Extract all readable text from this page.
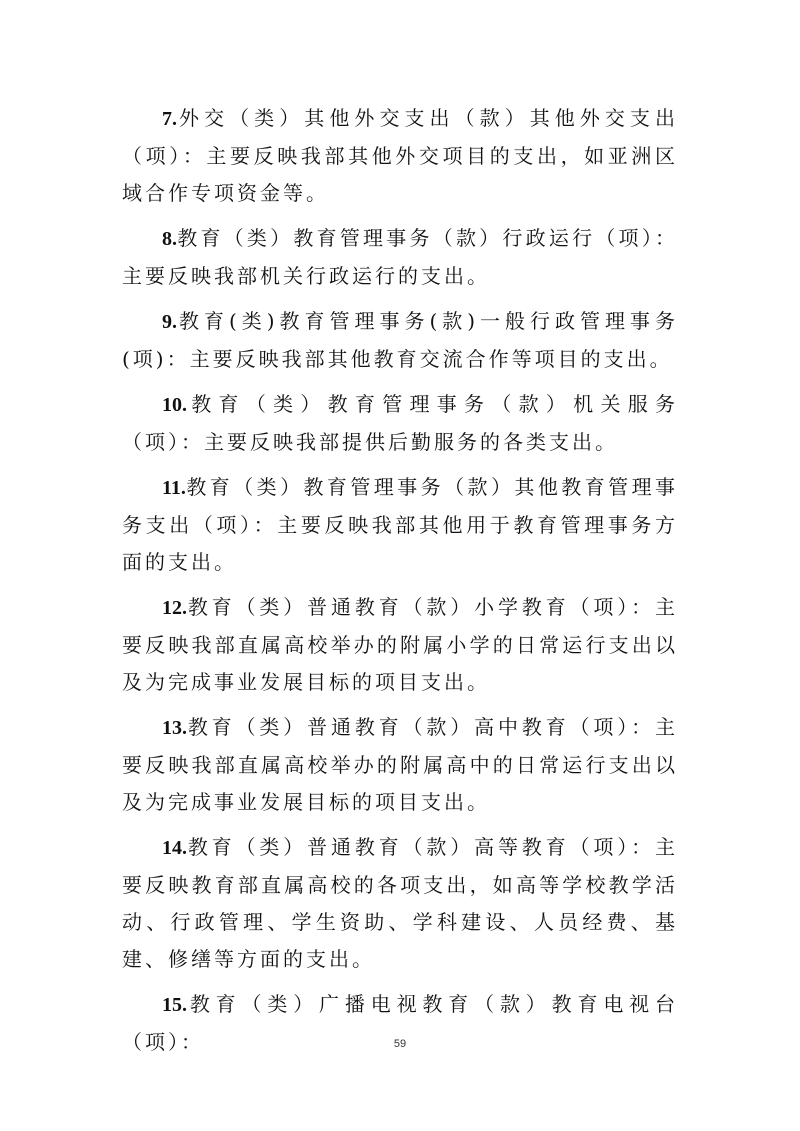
7.外交（类）其他外交支出（款）其他外交支出（项）：主要反映我部其他外交项目的支出，如亚洲区域合作专项资金等。

8.教育（类）教育管理事务（款）行政运行（项）：主要反映我部机关行政运行的支出。

9.教育(类)教育管理事务(款)一般行政管理事务(项)：主要反映我部其他教育交流合作等项目的支出。

10.教育（类）教育管理事务（款）机关服务（项）：主要反映我部提供后勤服务的各类支出。

11.教育（类）教育管理事务（款）其他教育管理事务支出（项）：主要反映我部其他用于教育管理事务方面的支出。

12.教育（类）普通教育（款）小学教育（项）：主要反映我部直属高校举办的附属小学的日常运行支出以及为完成事业发展目标的项目支出。

13.教育（类）普通教育（款）高中教育（项）：主要反映我部直属高校举办的附属高中的日常运行支出以及为完成事业发展目标的项目支出。

14.教育（类）普通教育（款）高等教育（项）：主要反映教育部直属高校的各项支出，如高等学校教学活动、行政管理、学生资助、学科建设、人员经费、基建、修缮等方面的支出。

15.教育（类）广播电视教育（款）教育电视台（项）：	59
